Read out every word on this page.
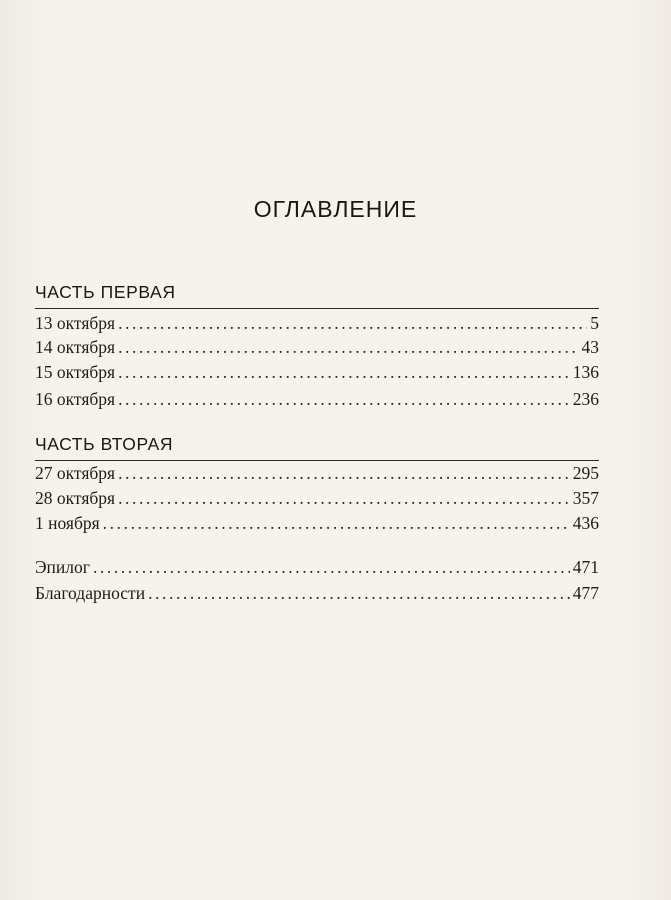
ОГЛАВЛЕНИЕ
ЧАСТЬ ПЕРВАЯ
13 октября .....	5
14 октября .....	43
15 октября .....	136
16 октября .....	236
ЧАСТЬ ВТОРАЯ
27 октября .....	295
28 октября .....	357
1 ноября .....	436
Эпилог .....	471
Благодарности .....	477
